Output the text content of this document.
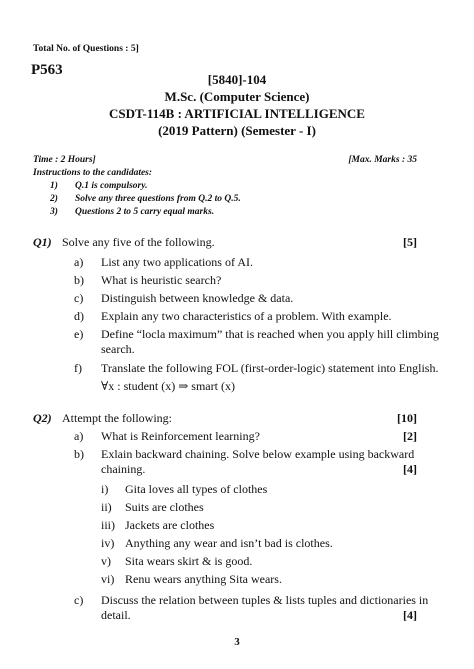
Total No. of Questions : 5]
P563
[5840]-104
M.Sc. (Computer Science)
CSDT-114B : ARTIFICIAL INTELLIGENCE
(2019 Pattern) (Semester - I)
Time : 2 Hours]	[Max. Marks : 35
Instructions to the candidates:
1) Q.1 is compulsory.
2) Solve any three questions from Q.2 to Q.5.
3) Questions 2 to 5 carry equal marks.
Q1) Solve any five of the following.	[5]
a)	List any two applications of AI.
b)	What is heuristic search?
c)	Distinguish between knowledge & data.
d)	Explain any two characteristics of a problem. With example.
e)	Define “locla maximum” that is reached when you apply hill climbing
search.
f)	Translate the following FOL (first-order-logic) statement into English.
∀x : student (x) ⇒ smart (x)
Q2) Attempt the following:	[10]
a)	What is Reinforcement learning?	[2]
b)	Exlain backward chaining. Solve below example using backward
chaining.	[4]
i)	Gita loves all types of clothes
ii)	Suits are clothes
iii) Jackets are clothes
iv) Anything any wear and isn’t bad is clothes.
v)	Sita wears skirt & is good.
vi) Renu wears anything Sita wears.
c)	Discuss the relation between tuples & lists tuples and dictionaries in
detail.	[4]
3
